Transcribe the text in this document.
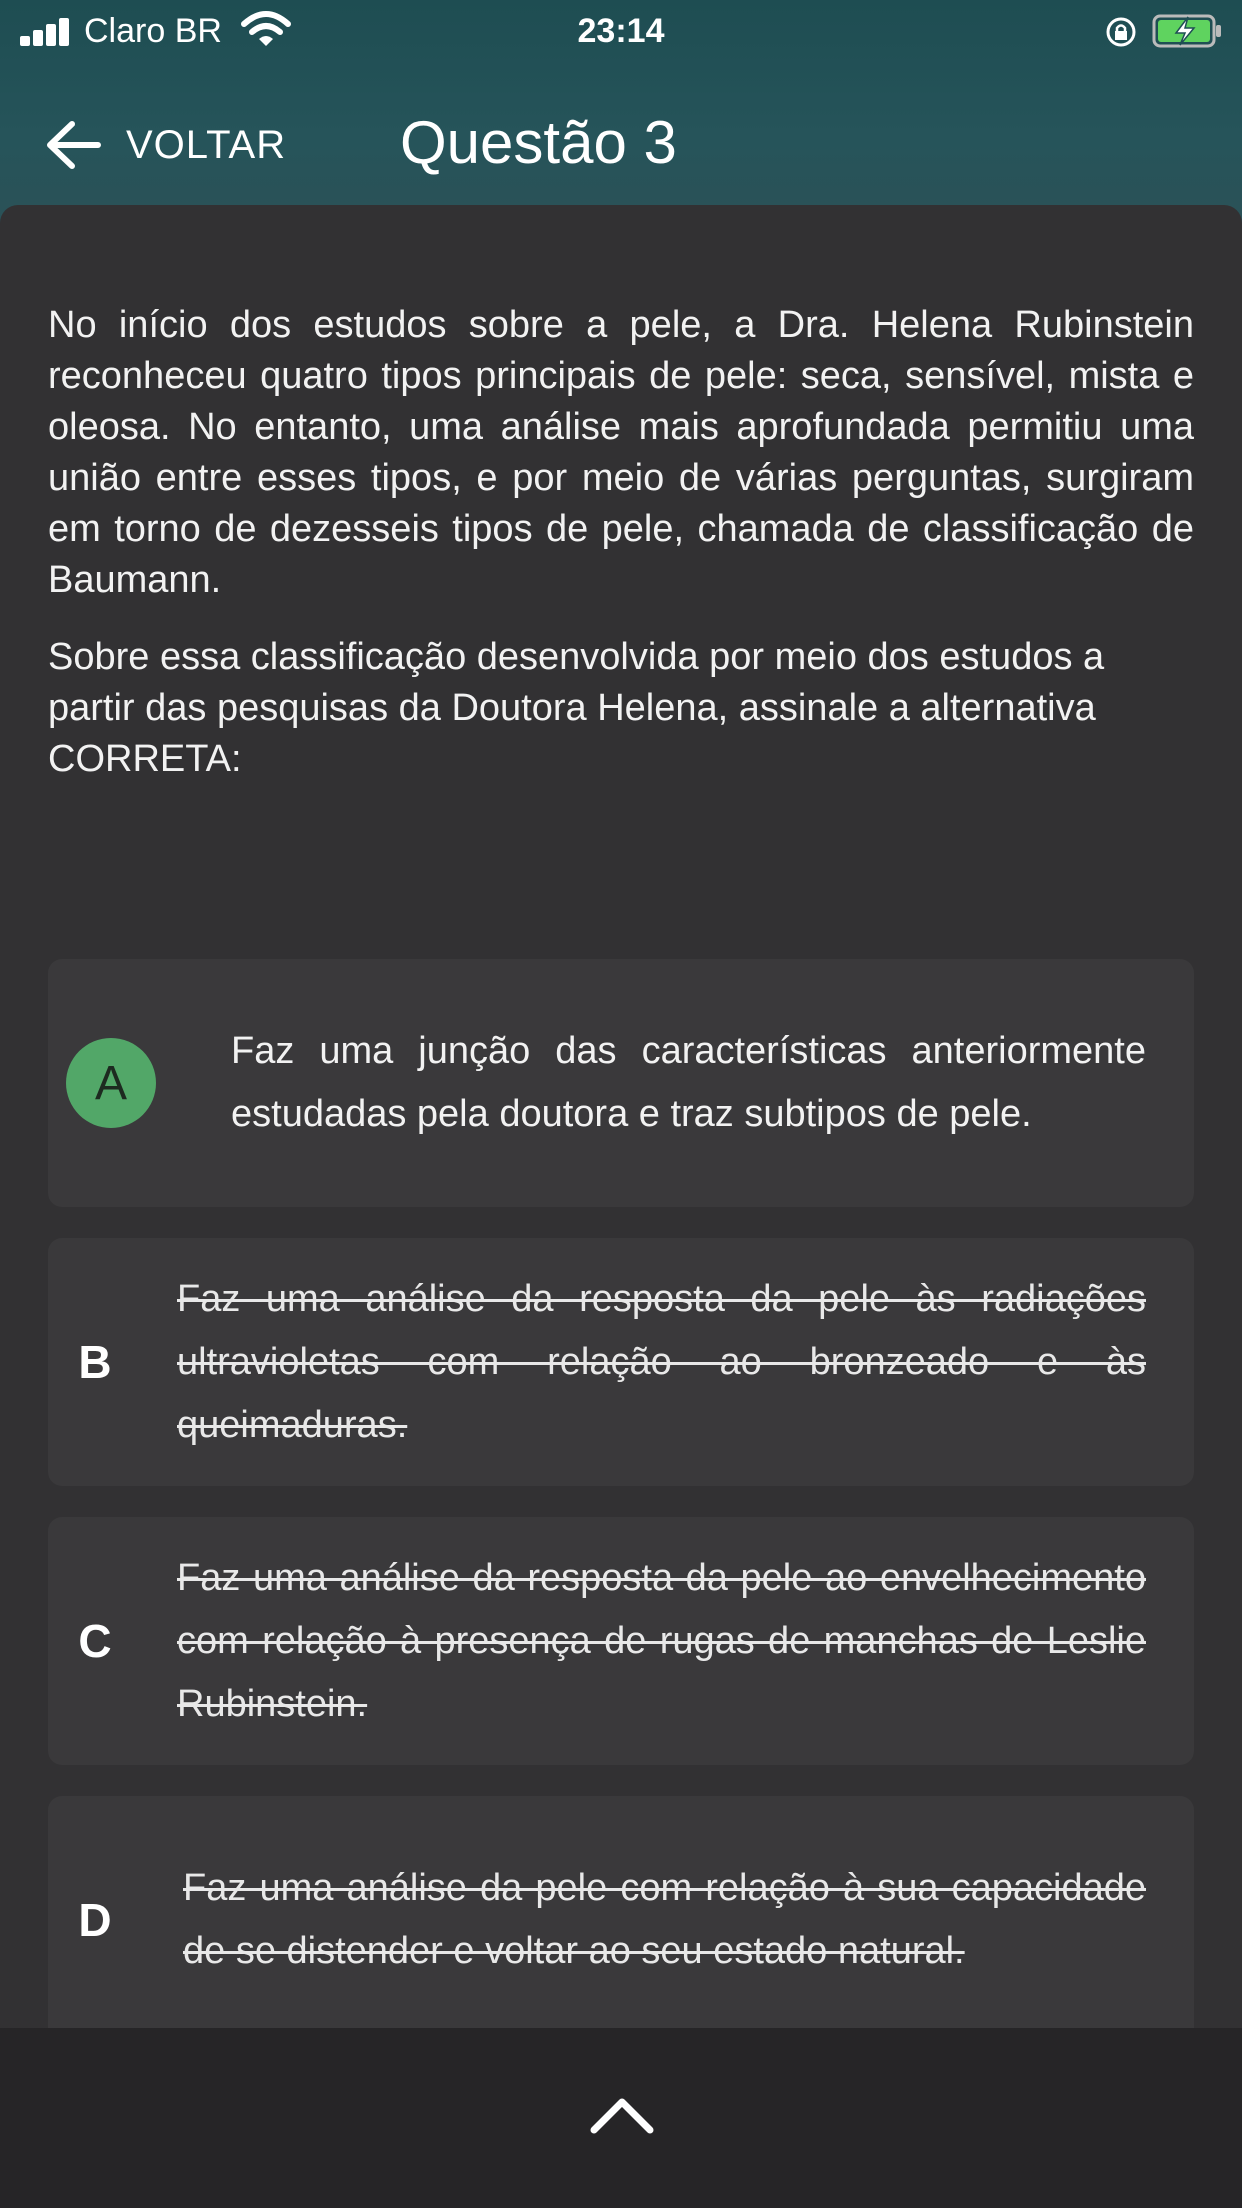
Claro BR	23:14
VOLTAR Questão 3

No início dos estudos sobre a pele, a Dra. Helena Rubinstein reconheceu quatro tipos principais de pele: seca, sensível, mista e oleosa. No entanto, uma análise mais aprofundada permitiu uma união entre esses tipos, e por meio de várias perguntas, surgiram em torno de dezesseis tipos de pele, chamada de classificação de Baumann.

Sobre essa classificação desenvolvida por meio dos estudos a partir das pesquisas da Doutora Helena, assinale a alternativa CORRETA:

A
Faz uma junção das características anteriormente estudadas pela doutora e traz subtipos de pele.
B
Faz uma análise da resposta da pele às radiações ultravioletas com relação ao bronzeado e às queimaduras.
C
Faz uma análise da resposta da pele ao envelhecimento com relação à presença de rugas de manchas de Leslie Rubinstein.
D
Faz uma análise da pele com relação à sua capacidade de se distender e voltar ao seu estado natural.
